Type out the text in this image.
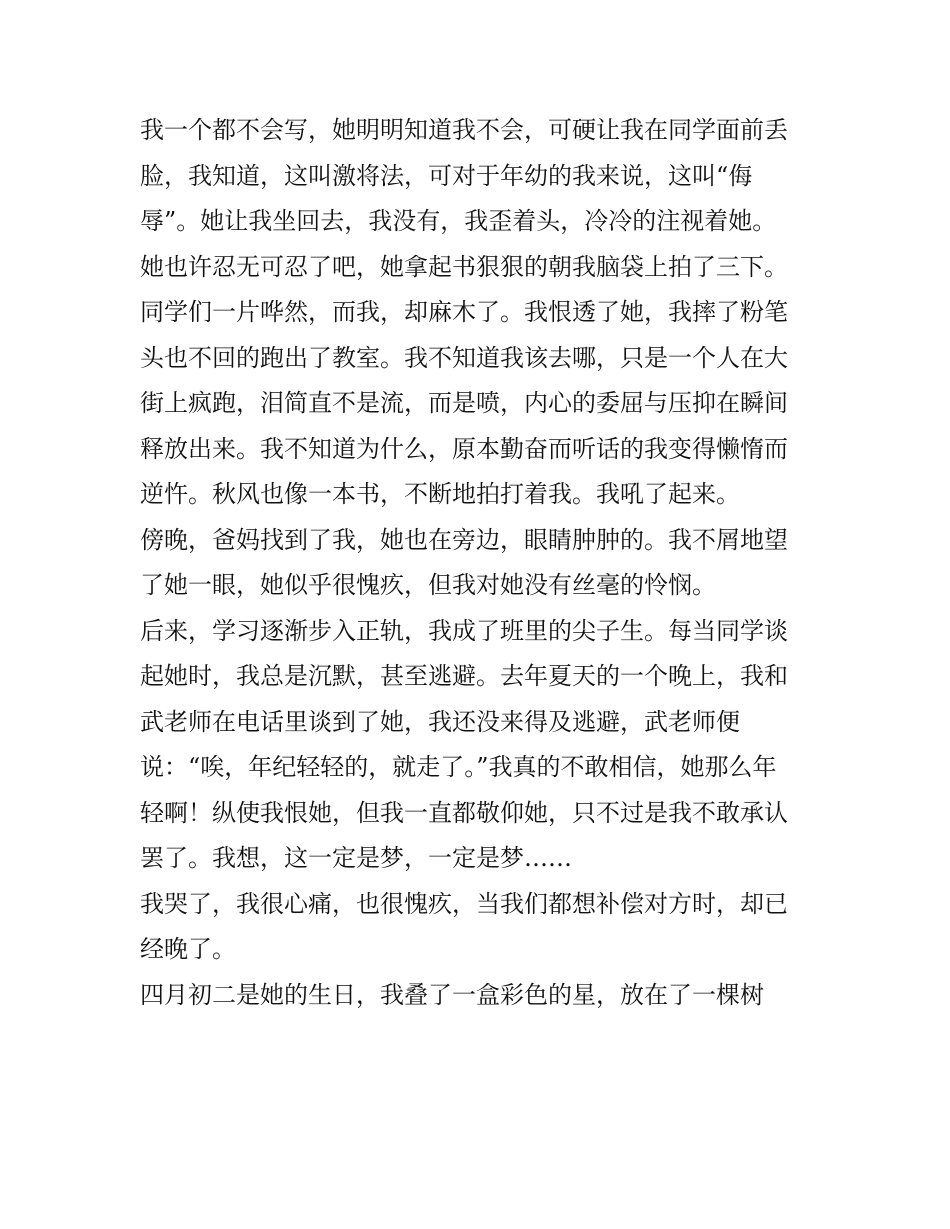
我一个都不会写，她明明知道我不会，可硬让我在同学面前丢
脸，我知道，这叫激将法，可对于年幼的我来说，这叫“侮
辱”。她让我坐回去，我没有，我歪着头，冷冷的注视着她。
她也许忍无可忍了吧，她拿起书狠狠的朝我脑袋上拍了三下。
同学们一片哗然，而我，却麻木了。我恨透了她，我摔了粉笔
头也不回的跑出了教室。我不知道我该去哪，只是一个人在大
街上疯跑，泪简直不是流，而是喷，内心的委屈与压抑在瞬间
释放出来。我不知道为什么，原本勤奋而听话的我变得懒惰而
逆忤。秋风也像一本书，不断地拍打着我。我吼了起来。
傍晚，爸妈找到了我，她也在旁边，眼睛肿肿的。我不屑地望
了她一眼，她似乎很愧疚，但我对她没有丝毫的怜悯。
后来，学习逐渐步入正轨，我成了班里的尖子生。每当同学谈
起她时，我总是沉默，甚至逃避。去年夏天的一个晚上，我和
武老师在电话里谈到了她，我还没来得及逃避，武老师便
说：“唉，年纪轻轻的，就走了。”我真的不敢相信，她那么年
轻啊！纵使我恨她，但我一直都敬仰她，只不过是我不敢承认
罢了。我想，这一定是梦，一定是梦……
我哭了，我很心痛，也很愧疚，当我们都想补偿对方时，却已
经晚了。
四月初二是她的生日，我叠了一盒彩色的星，放在了一棵树
